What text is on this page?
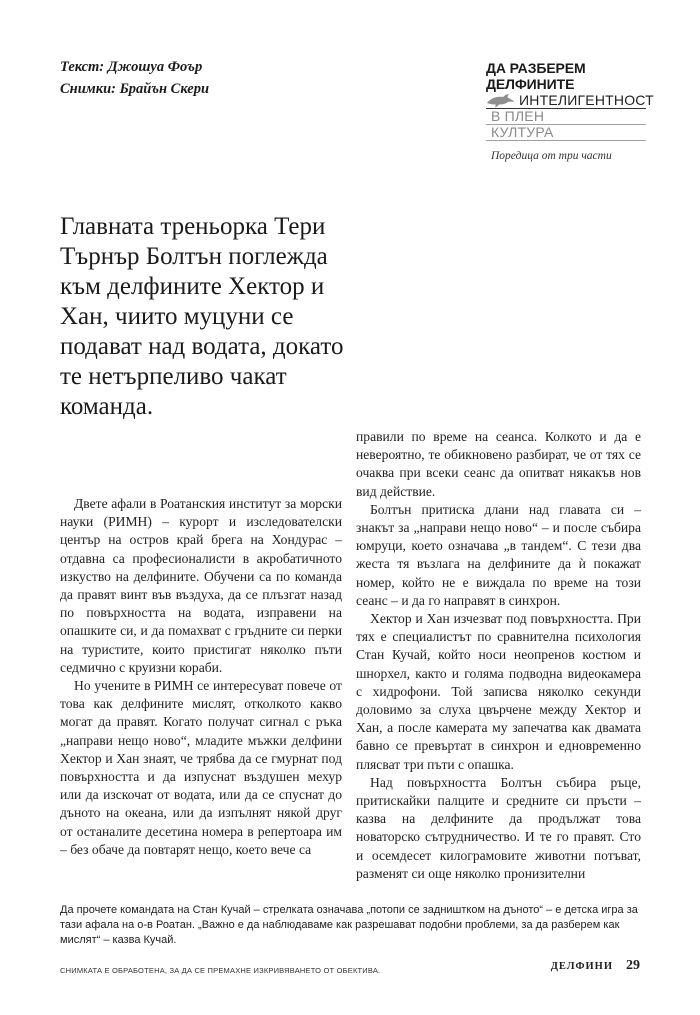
Текст: Джошуа Фоър
Снимки: Брайън Скери
ДА РАЗБЕРЕМ
ДЕЛФИНИТЕ
ИНТЕЛИГЕНТНОСТ
В ПЛЕН
КУЛТУРА
Поредица от три части
Главната треньорка Тери Търнър Болтън поглежда към делфините Хектор и Хан, чиито муцуни се подават над водата, докато те нетърпеливо чакат команда.

Двете афали в Роатанския институт за морски науки (РИМН) – курорт и изследователски център на остров край брега на Хондурас – отдавна са професионалисти в акробатичното изкуство на делфините. Обучени са по команда да правят винт във въздуха, да се плъзгат назад по повърхността на водата, изправени на опашките си, и да помахват с гръдните си перки на туристите, които пристигат няколко пъти седмично с круизни кораби.

Но учените в РИМН се интересуват повече от това как делфините мислят, отколкото какво могат да правят. Когато получат сигнал с ръка „направи нещо ново“, младите мъжки делфини Хектор и Хан знаят, че трябва да се гмурнат под повърхността и да изпуснат въздушен мехур или да изскочат от водата, или да се спуснат до дъното на океана, или да изпълнят някой друг от останалите десетина номера в репертоара им – без обаче да повтарят нещо, което вече са

правили по време на сеанса. Колкото и да е невероятно, те обикновено разбират, че от тях се очаква при всеки сеанс да опитват някакъв нов вид действие.

Болтън притиска длани над главата си – знакът за „направи нещо ново“ – и после събира юмруци, което означава „в тандем“. С тези два жеста тя възлага на делфините да ѝ покажат номер, който не е виждала по време на този сеанс – и да го направят в синхрон.

Хектор и Хан изчезват под повърхността. При тях е специалистът по сравнителна психология Стан Кучай, който носи неопренов костюм и шнорхел, както и голяма подводна видеокамера с хидрофони. Той записва няколко секунди доловимо за слуха цвърчене между Хектор и Хан, а после камерата му запечатва как двамата бавно се превъртат в синхрон и едновременно плясват три пъти с опашка.

Над повърхността Болтън събира ръце, притискайки палците и средните си пръсти – казва на делфините да продължат това новаторско сътрудничество. И те го правят. Сто и осемдесет килограмовите животни потъват, разменят си още няколко пронизителни

Да прочете командата на Стан Кучай – стрелката означава „потопи се задништком на дъното“ – е детска игра за тази афала на о-в Роатан. „Важно е да наблюдаваме как разрешават подобни проблеми, за да разберем как мислят“ – казва Кучай.
СНИМКАТА Е ОБРАБОТЕНА, ЗА ДА СЕ ПРЕМАХНЕ ИЗКРИВЯВАНЕТО ОТ ОБЕКТИВА.	ДЕЛФИНИ 29
